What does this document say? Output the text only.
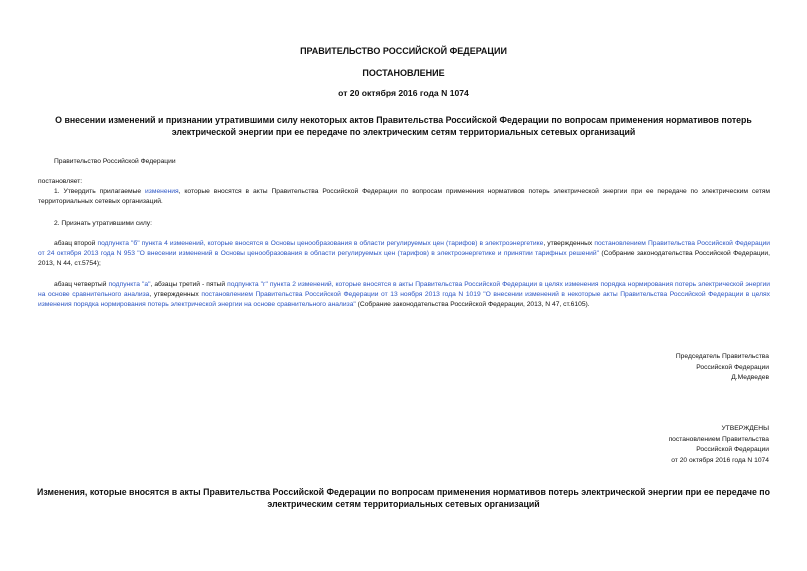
ПРАВИТЕЛЬСТВО РОССИЙСКОЙ ФЕДЕРАЦИИ
ПОСТАНОВЛЕНИЕ
от 20 октября 2016 года N 1074
О внесении изменений и признании утратившими силу некоторых актов Правительства Российской Федерации по вопросам применения нормативов потерь электрической энергии при ее передаче по электрическим сетям территориальных сетевых организаций

Правительство Российской Федерации

постановляет:

1. Утвердить прилагаемые изменения, которые вносятся в акты Правительства Российской Федерации по вопросам применения нормативов потерь электрической энергии при ее передаче по электрическим сетям территориальных сетевых организаций.

2. Признать утратившими силу:

абзац второй подпункта "б" пункта 4 изменений, которые вносятся в Основы ценообразования в области регулируемых цен (тарифов) в электроэнергетике, утвержденных постановлением Правительства Российской Федерации от 24 октября 2013 года N 953 "О внесении изменений в Основы ценообразования в области регулируемых цен (тарифов) в электроэнергетике и принятии тарифных решений" (Собрание законодательства Российской Федерации, 2013, N 44, ст.5754);

абзац четвертый подпункта "а", абзацы третий - пятый подпункта "г" пункта 2 изменений, которые вносятся в акты Правительства Российской Федерации в целях изменения порядка нормирования потерь электрической энергии на основе сравнительного анализа, утвержденных постановлением Правительства Российской Федерации от 13 ноября 2013 года N 1019 "О внесении изменений в некоторые акты Правительства Российской Федерации в целях изменения порядка нормирования потерь электрической энергии на основе сравнительного анализа" (Собрание законодательства Российской Федерации, 2013, N 47, ст.6105).

Председатель Правительства
Российской Федерации
Д.Медведев
УТВЕРЖДЕНЫ
постановлением Правительства
Российской Федерации
от 20 октября 2016 года N 1074
Изменения, которые вносятся в акты Правительства Российской Федерации по вопросам применения нормативов потерь электрической энергии при ее передаче по электрическим сетям территориальных сетевых организаций
